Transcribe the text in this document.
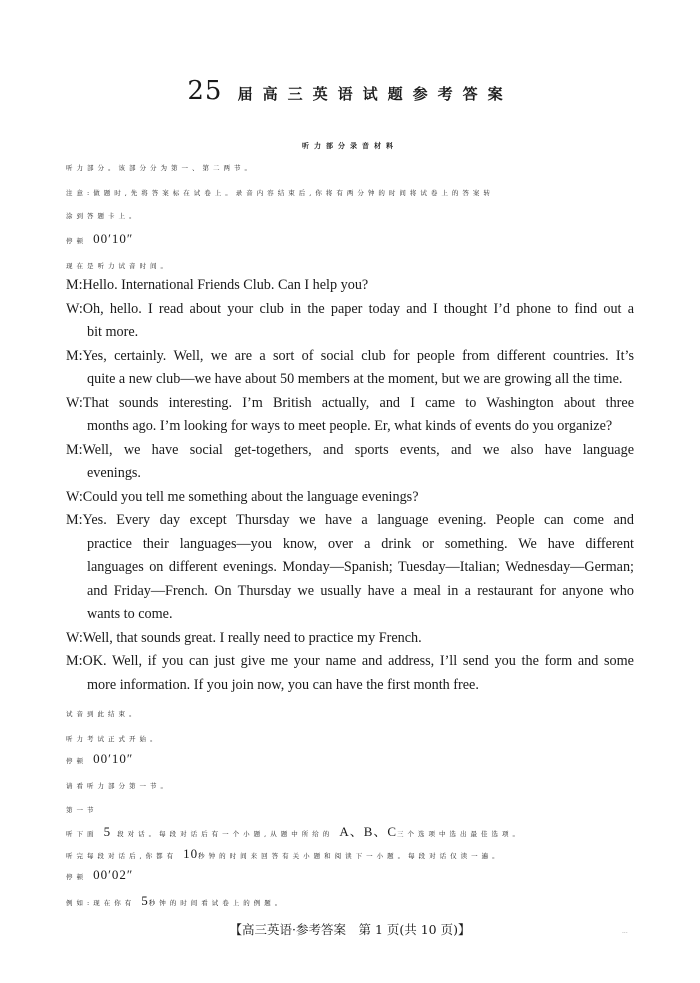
25 届高三英语试题参考答案
听力部分录音材料
听力部分。该部分分为第一、第二两节。
注意:做题时,先将答案标在试卷上。录音内容结束后,你将有两分钟的时间将试卷上的答案转
涂到答题卡上。
停顿 00′10″
现在是听力试音时间。
M:Hello. International Friends Club. Can I help you?
W:Oh, hello. I read about your club in the paper today and I thought I’d phone to find out a
bit more.
M:Yes, certainly. Well, we are a sort of social club for people from different countries. It’s
quite a new club—we have about 50 members at the moment, but we are growing all the time.
W:That sounds interesting. I’m British actually, and I came to Washington about three
months ago. I’m looking for ways to meet people. Er, what kinds of events do you organize?
M:Well, we have social get-togethers, and sports events, and we also have language
evenings.
W:Could you tell me something about the language evenings?
M:Yes. Every day except Thursday we have a language evening. People can come and
practice their languages—you know, over a drink or something. We have different
languages on different evenings. Monday—Spanish; Tuesday—Italian; Wednesday—German;
and Friday—French. On Thursday we usually have a meal in a restaurant for anyone who
wants to come.
W:Well, that sounds great. I really need to practice my French.
M:OK. Well, if you can just give me your name and address, I’ll send you the form and some
more information. If you join now, you can have the first month free.
试音到此结束。
听力考试正式开始。
停顿 00′10″
请看听力部分第一节。
第一节
听下面 5 段对话。每段对话后有一个小题,从题中所给的 A、B、C三个选项中选出最佳选项。
听完每段对话后,你都有 10秒钟的时间来回答有关小题和阅读下一小题。每段对话仅读一遍。
停顿 00′02″
例如:现在你有 5秒钟的时间看试卷上的例题。
【高三英语·参考答案　第 1 页(共 10 页)】	...
